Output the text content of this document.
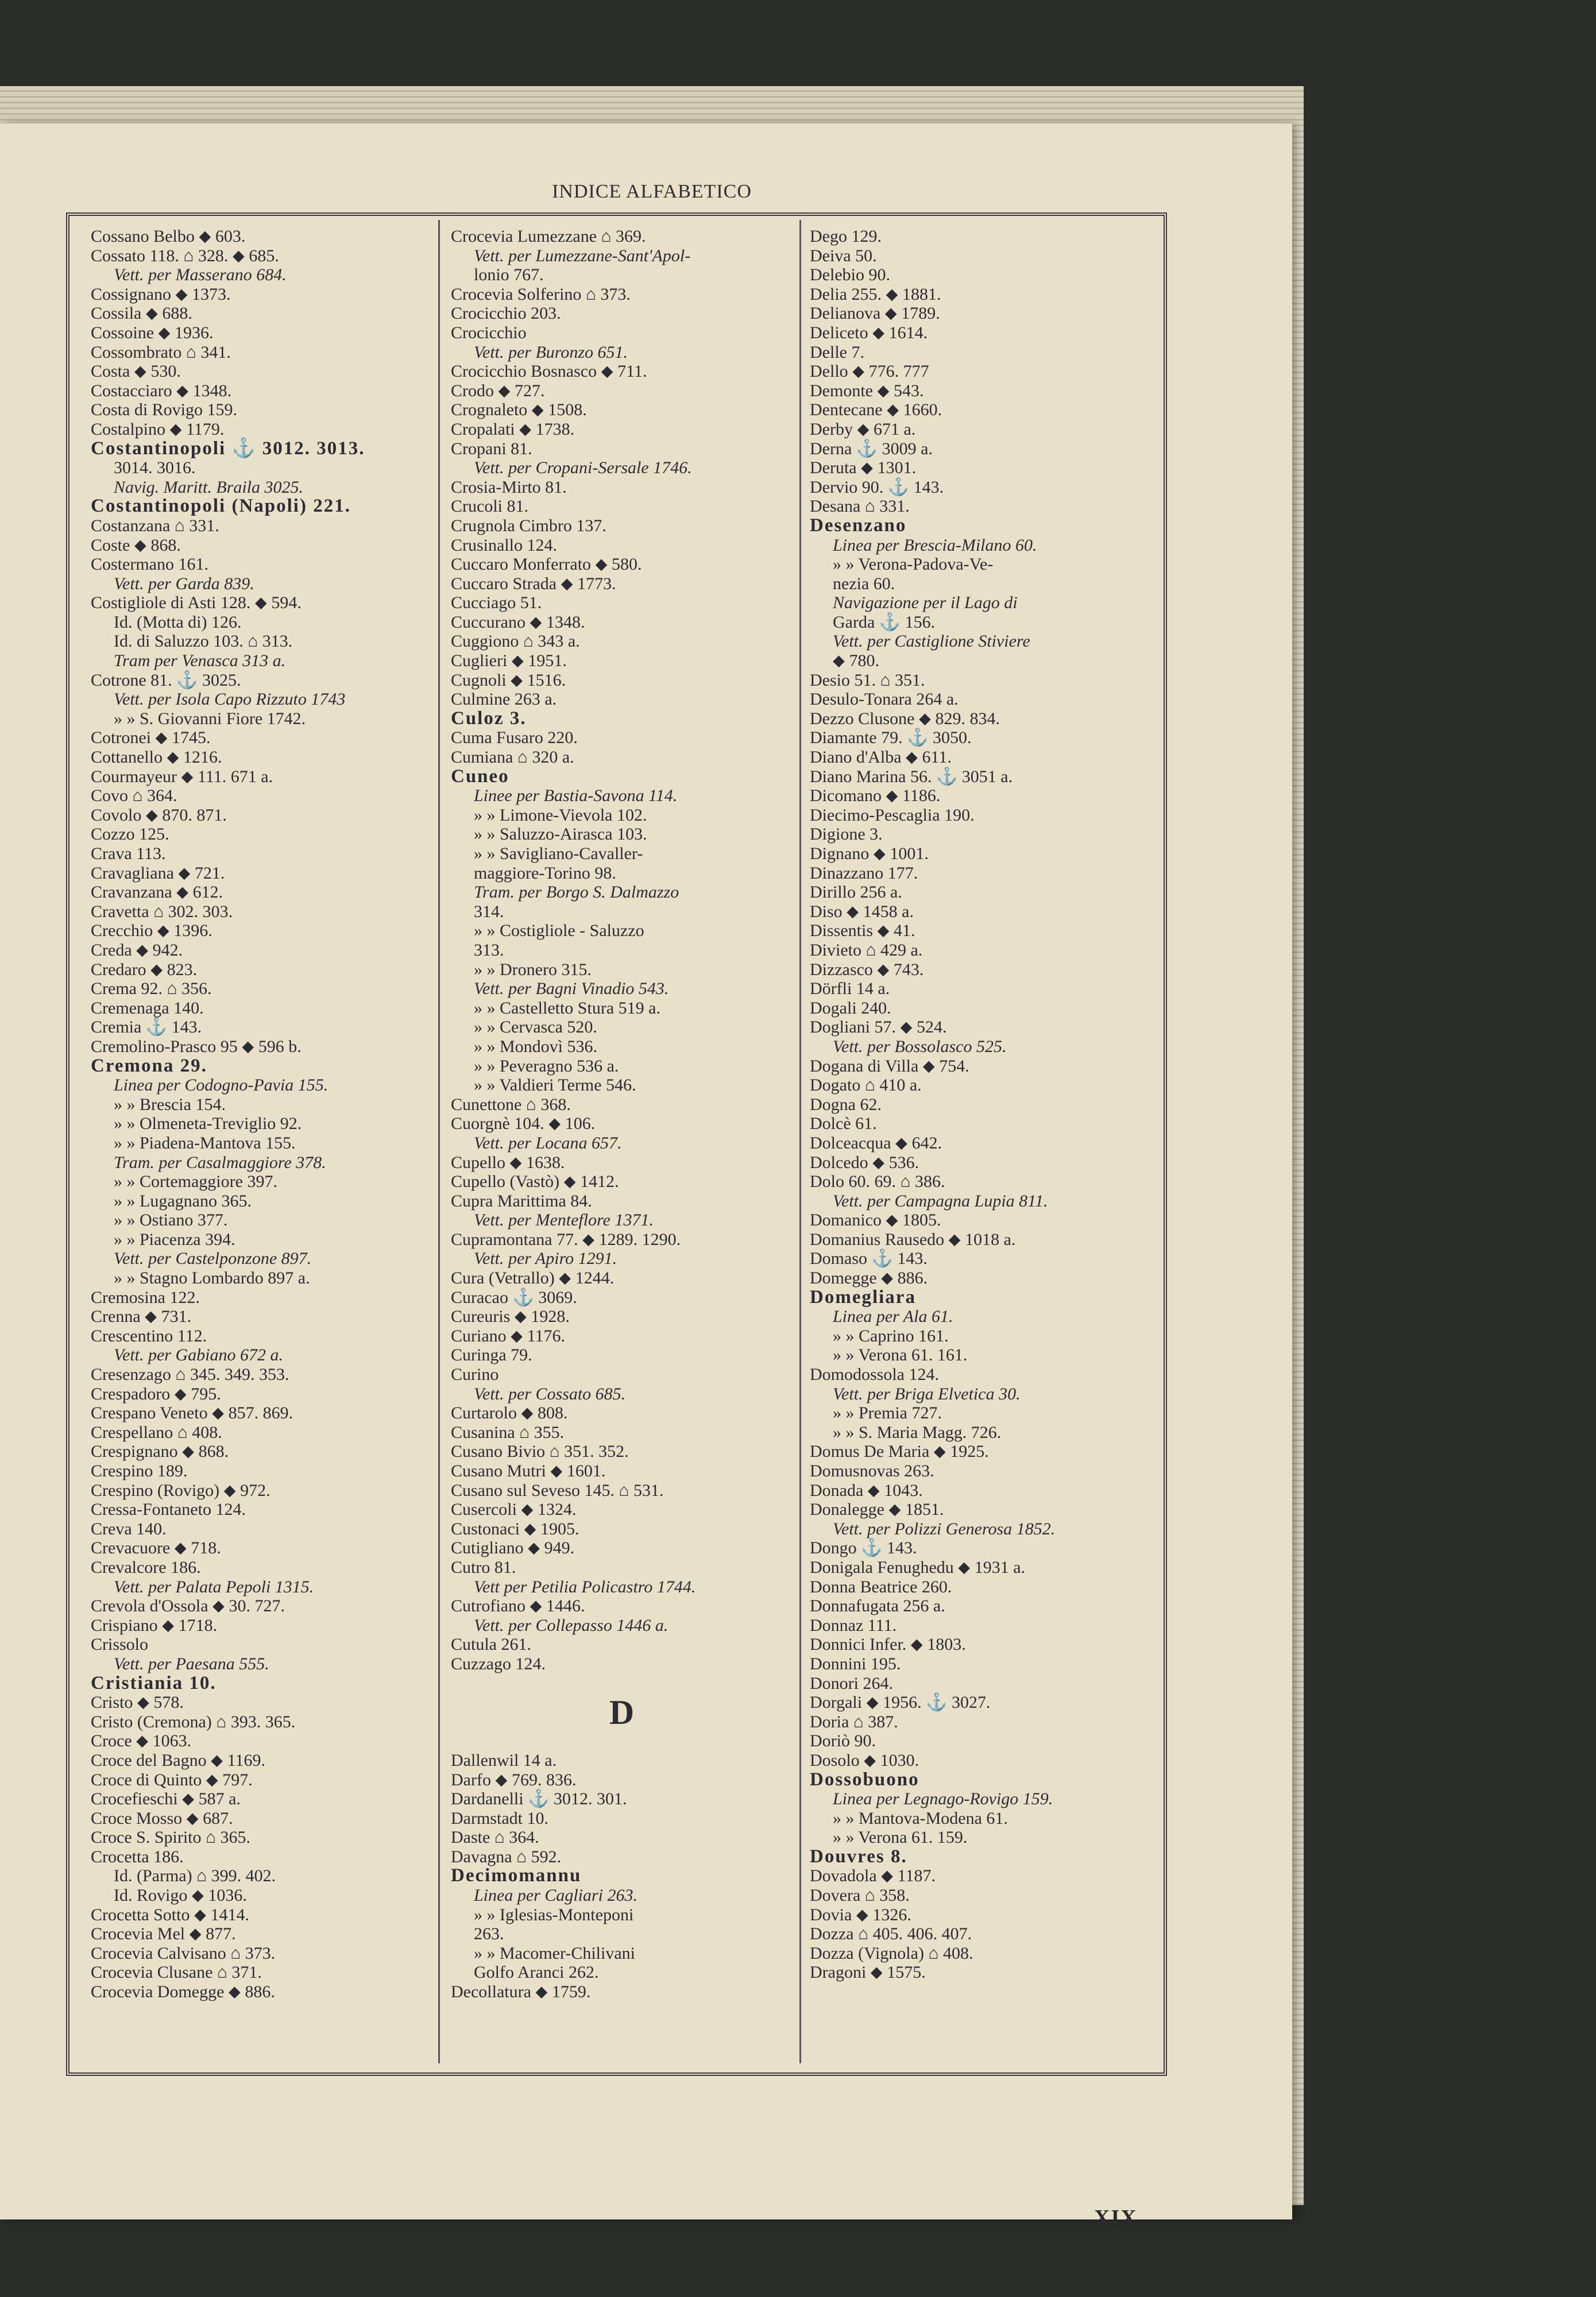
INDICE ALFABETICO
Cossano Belbo ⬥ 603.
Cossato 118. ⌂ 328. ⬥ 685.
Vett. per Masserano 684.
Cossignano ⬥ 1373.
Cossila ⬥ 688.
Cossoine ⬥ 1936.
Cossombrato ⌂ 341.
Costa ⬥ 530.
Costacciaro ⬥ 1348.
Costa di Rovigo 159.
Costalpino ⬥ 1179.
Costantinopoli ⚓ 3012. 3013.
3014. 3016.
Navig. Maritt. Braila 3025.
Costantinopoli (Napoli) 221.
Costanzana ⌂ 331.
Coste ⬥ 868.
Costermano 161.
Vett. per Garda 839.
Costigliole di Asti 128. ⬥ 594.
Id. (Motta di) 126.
Id. di Saluzzo 103. ⌂ 313.
Tram per Venasca 313 a.
Cotrone 81. ⚓ 3025.
Vett. per Isola Capo Rizzuto 1743
» » S. Giovanni Fiore 1742.
Cotronei ⬥ 1745.
Cottanello ⬥ 1216.
Courmayeur ⬥ 111. 671 a.
Covo ⌂ 364.
Covolo ⬥ 870. 871.
Cozzo 125.
Crava 113.
Cravagliana ⬥ 721.
Cravanzana ⬥ 612.
Cravetta ⌂ 302. 303.
Crecchio ⬥ 1396.
Creda ⬥ 942.
Credaro ⬥ 823.
Crema 92. ⌂ 356.
Cremenaga 140.
Cremia ⚓ 143.
Cremolino-Prasco 95 ⬥ 596 b.
Cremona 29.
Linea per Codogno-Pavia 155.
» » Brescia 154.
» » Olmeneta-Treviglio 92.
» » Piadena-Mantova 155.
Tram. per Casalmaggiore 378.
» » Cortemaggiore 397.
» » Lugagnano 365.
» » Ostiano 377.
» » Piacenza 394.
Vett. per Castelponzone 897.
» » Stagno Lombardo 897 a.
Cremosina 122.
Crenna ⬥ 731.
Crescentino 112.
Vett. per Gabiano 672 a.
Cresenzago ⌂ 345. 349. 353.
Crespadoro ⬥ 795.
Crespano Veneto ⬥ 857. 869.
Crespellano ⌂ 408.
Crespignano ⬥ 868.
Crespino 189.
Crespino (Rovigo) ⬥ 972.
Cressa-Fontaneto 124.
Creva 140.
Crevacuore ⬥ 718.
Crevalcore 186.
Vett. per Palata Pepoli 1315.
Crevola d'Ossola ⬥ 30. 727.
Crispiano ⬥ 1718.
Crissolo
Vett. per Paesana 555.
Cristiania 10.
Cristo ⬥ 578.
Cristo (Cremona) ⌂ 393. 365.
Croce ⬥ 1063.
Croce del Bagno ⬥ 1169.
Croce di Quinto ⬥ 797.
Crocefieschi ⬥ 587 a.
Croce Mosso ⬥ 687.
Croce S. Spirito ⌂ 365.
Crocetta 186.
Id. (Parma) ⌂ 399. 402.
Id. Rovigo ⬥ 1036.
Crocetta Sotto ⬥ 1414.
Crocevia Mel ⬥ 877.
Crocevia Calvisano ⌂ 373.
Crocevia Clusane ⌂ 371.
Crocevia Domegge ⬥ 886.
Crocevia Lumezzane ⌂ 369.
Vett. per Lumezzane-Sant'Apol-
lonio 767.
Crocevia Solferino ⌂ 373.
Crocicchio 203.
Crocicchio
Vett. per Buronzo 651.
Crocicchio Bosnasco ⬥ 711.
Crodo ⬥ 727.
Crognaleto ⬥ 1508.
Cropalati ⬥ 1738.
Cropani 81.
Vett. per Cropani-Sersale 1746.
Crosia-Mirto 81.
Crucoli 81.
Crugnola Cimbro 137.
Crusinallo 124.
Cuccaro Monferrato ⬥ 580.
Cuccaro Strada ⬥ 1773.
Cucciago 51.
Cuccurano ⬥ 1348.
Cuggiono ⌂ 343 a.
Cuglieri ⬥ 1951.
Cugnoli ⬥ 1516.
Culmine 263 a.
Culoz 3.
Cuma Fusaro 220.
Cumiana ⌂ 320 a.
Cuneo
Linee per Bastia-Savona 114.
» » Limone-Vievola 102.
» » Saluzzo-Airasca 103.
» » Savigliano-Cavaller-
maggiore-Torino 98.
Tram. per Borgo S. Dalmazzo
314.
» » Costigliole - Saluzzo
313.
» » Dronero 315.
Vett. per Bagni Vinadio 543.
» » Castelletto Stura 519 a.
» » Cervasca 520.
» » Mondovì 536.
» » Peveragno 536 a.
» » Valdieri Terme 546.
Cunettone ⌂ 368.
Cuorgnè 104. ⬥ 106.
Vett. per Locana 657.
Cupello ⬥ 1638.
Cupello (Vastò) ⬥ 1412.
Cupra Marittima 84.
Vett. per Menteflore 1371.
Cupramontana 77. ⬥ 1289. 1290.
Vett. per Apiro 1291.
Cura (Vetrallo) ⬥ 1244.
Curacao ⚓ 3069.
Cureuris ⬥ 1928.
Curiano ⬥ 1176.
Curinga 79.
Curino
Vett. per Cossato 685.
Curtarolo ⬥ 808.
Cusanina ⌂ 355.
Cusano Bivio ⌂ 351. 352.
Cusano Mutri ⬥ 1601.
Cusano sul Seveso 145. ⌂ 531.
Cusercoli ⬥ 1324.
Custonaci ⬥ 1905.
Cutigliano ⬥ 949.
Cutro 81.
Vett per Petilia Policastro 1744.
Cutrofiano ⬥ 1446.
Vett. per Collepasso 1446 a.
Cutula 261.
Cuzzago 124.
D
Dallenwil 14 a.
Darfo ⬥ 769. 836.
Dardanelli ⚓ 3012. 301.
Darmstadt 10.
Daste ⌂ 364.
Davagna ⌂ 592.
Decimomannu
Linea per Cagliari 263.
» » Iglesias-Monteponi
263.
» » Macomer-Chilivani
Golfo Aranci 262.
Decollatura ⬥ 1759.
Dego 129.
Deiva 50.
Delebio 90.
Delia 255. ⬥ 1881.
Delianova ⬥ 1789.
Deliceto ⬥ 1614.
Delle 7.
Dello ⬥ 776. 777
Demonte ⬥ 543.
Dentecane ⬥ 1660.
Derby ⬥ 671 a.
Derna ⚓ 3009 a.
Deruta ⬥ 1301.
Dervio 90. ⚓ 143.
Desana ⌂ 331.
Desenzano
Linea per Brescia-Milano 60.
» » Verona-Padova-Ve-
nezia 60.
Navigazione per il Lago di
Garda ⚓ 156.
Vett. per Castiglione Stiviere
⬥ 780.
Desio 51. ⌂ 351.
Desulo-Tonara 264 a.
Dezzo Clusone ⬥ 829. 834.
Diamante 79. ⚓ 3050.
Diano d'Alba ⬥ 611.
Diano Marina 56. ⚓ 3051 a.
Dicomano ⬥ 1186.
Diecimo-Pescaglia 190.
Digione 3.
Dignano ⬥ 1001.
Dinazzano 177.
Dirillo 256 a.
Diso ⬥ 1458 a.
Dissentis ⬥ 41.
Divieto ⌂ 429 a.
Dizzasco ⬥ 743.
Dörfli 14 a.
Dogali 240.
Dogliani 57. ⬥ 524.
Vett. per Bossolasco 525.
Dogana di Villa ⬥ 754.
Dogato ⌂ 410 a.
Dogna 62.
Dolcè 61.
Dolceacqua ⬥ 642.
Dolcedo ⬥ 536.
Dolo 60. 69. ⌂ 386.
Vett. per Campagna Lupia 811.
Domanico ⬥ 1805.
Domanius Rausedo ⬥ 1018 a.
Domaso ⚓ 143.
Domegge ⬥ 886.
Domegliara
Linea per Ala 61.
» » Caprino 161.
» » Verona 61. 161.
Domodossola 124.
Vett. per Briga Elvetica 30.
» » Premia 727.
» » S. Maria Magg. 726.
Domus De Maria ⬥ 1925.
Domusnovas 263.
Donada ⬥ 1043.
Donalegge ⬥ 1851.
Vett. per Polizzi Generosa 1852.
Dongo ⚓ 143.
Donigala Fenughedu ⬥ 1931 a.
Donna Beatrice 260.
Donnafugata 256 a.
Donnaz 111.
Donnici Infer. ⬥ 1803.
Donnini 195.
Donori 264.
Dorgali ⬥ 1956. ⚓ 3027.
Doria ⌂ 387.
Doriò 90.
Dosolo ⬥ 1030.
Dossobuono
Linea per Legnago-Rovigo 159.
» » Mantova-Modena 61.
» » Verona 61. 159.
Douvres 8.
Dovadola ⬥ 1187.
Dovera ⌂ 358.
Dovia ⬥ 1326.
Dozza ⌂ 405. 406. 407.
Dozza (Vignola) ⌂ 408.
Dragoni ⬥ 1575.
XIX
